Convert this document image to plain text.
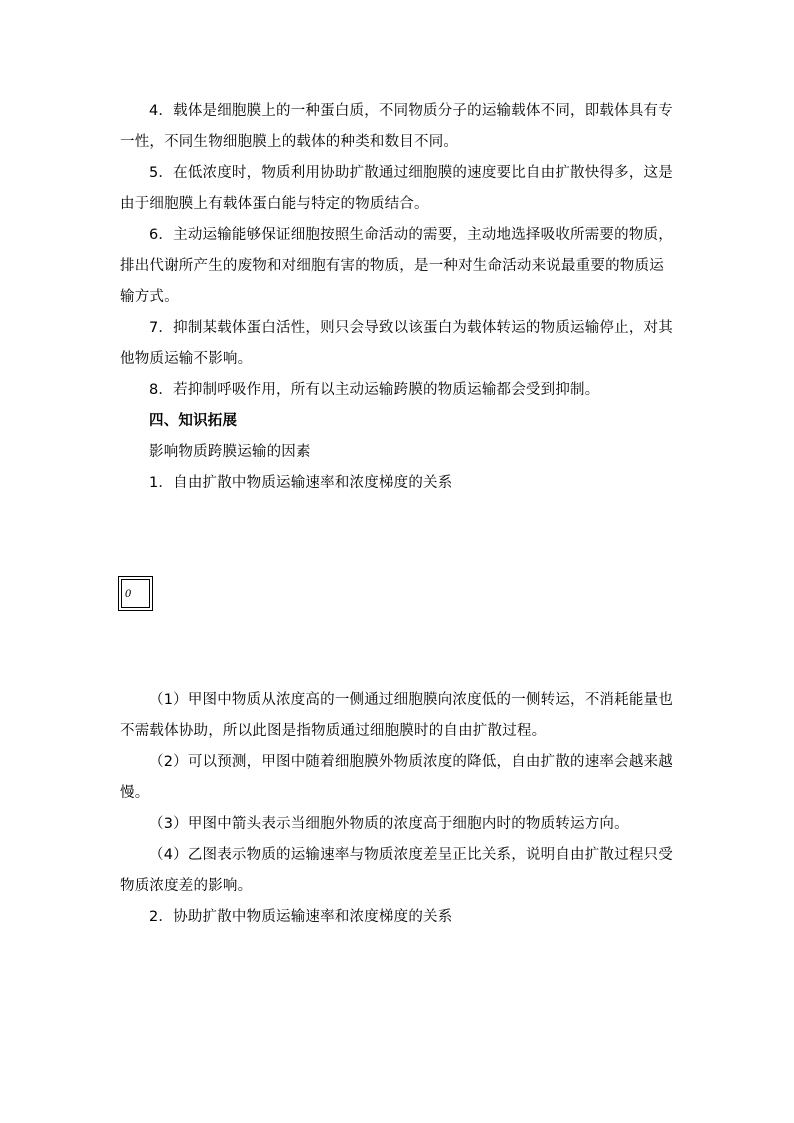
4．载体是细胞膜上的一种蛋白质，不同物质分子的运输载体不同，即载体具有专一性，不同生物细胞膜上的载体的种类和数目不同。

5．在低浓度时，物质利用协助扩散通过细胞膜的速度要比自由扩散快得多，这是由于细胞膜上有载体蛋白能与特定的物质结合。

6．主动运输能够保证细胞按照生命活动的需要，主动地选择吸收所需要的物质，排出代谢所产生的废物和对细胞有害的物质，是一种对生命活动来说最重要的物质运输方式。

7．抑制某载体蛋白活性，则只会导致以该蛋白为载体转运的物质运输停止，对其他物质运输不影响。

8．若抑制呼吸作用，所有以主动运输跨膜的物质运输都会受到抑制。

四、知识拓展

影响物质跨膜运输的因素

1．自由扩散中物质运输速率和浓度梯度的关系

0

（1）甲图中物质从浓度高的一侧通过细胞膜向浓度低的一侧转运，不消耗能量也不需载体协助，所以此图是指物质通过细胞膜时的自由扩散过程。

（2）可以预测，甲图中随着细胞膜外物质浓度的降低，自由扩散的速率会越来越慢。

（3）甲图中箭头表示当细胞外物质的浓度高于细胞内时的物质转运方向。

（4）乙图表示物质的运输速率与物质浓度差呈正比关系，说明自由扩散过程只受物质浓度差的影响。

2．协助扩散中物质运输速率和浓度梯度的关系
